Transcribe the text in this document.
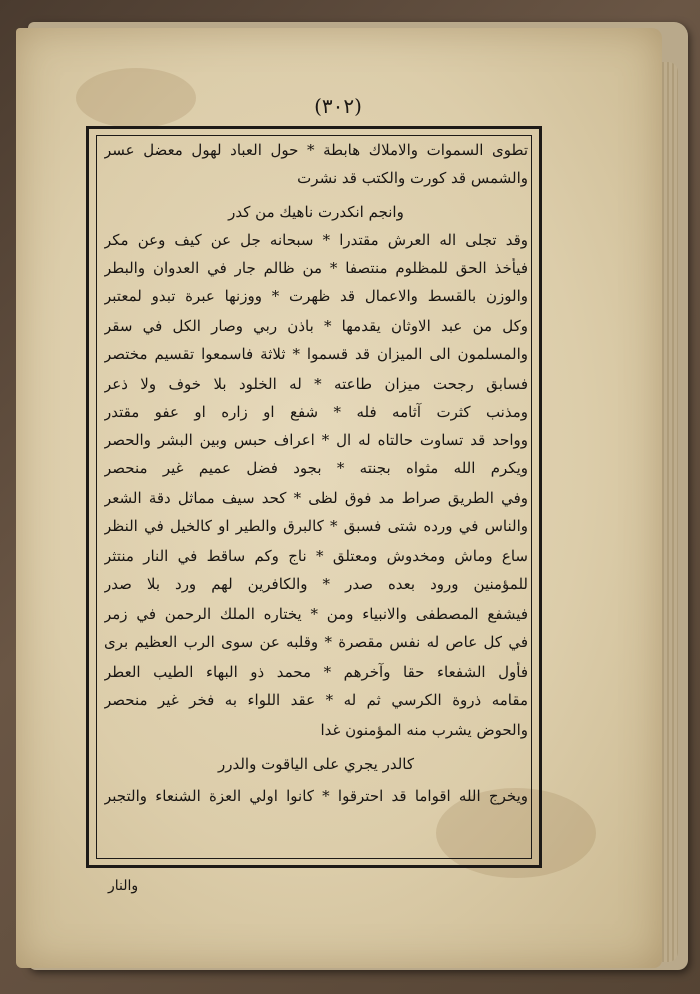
(٣٠٢)
تطوى السموات والاملاك هابطة * حول العباد لهول معضل عسر
والشمس قد كورت والكتب قد نشرت
وانجم انكدرت ناهيك من كدر
وقد تجلى اله العرش مقتدرا * سبحانه جل عن كيف وعن مكر
فيأخذ الحق للمظلوم منتصفا * من ظالم جار في العدوان والبطر
والوزن بالقسط والاعمال قد ظهرت * ووزنها عبرة تبدو لمعتبر
وكل من عبد الاوثان يقدمها * باذن ربي وصار الكل في سقر
والمسلمون الى الميزان قد قسموا * ثلاثة فاسمعوا تقسيم مختصر
فسابق رجحت ميزان طاعته * له الخلود بلا خوف ولا ذعر
ومذنب كثرت آثامه فله * شفع او زاره او عفو مقتدر
وواحد قد تساوت حالتاه له ال * اعراف حبس وبين البشر والحصر
ويكرم الله مثواه بجنته * بجود فضل عميم غير منحصر
وفي الطريق صراط مد فوق لظى * كحد سيف مماثل دقة الشعر
والناس في ورده شتى فسبق * كالبرق والطير او كالخيل في النظر
ساع وماش ومخدوش ومعتلق * ناج وكم ساقط في النار منتثر
للمؤمنين ورود بعده صدر * والكافرين لهم ورد بلا صدر
فيشفع المصطفى والانبياء ومن * يختاره الملك الرحمن في زمر
في كل عاص له نفس مقصرة * وقلبه عن سوى الرب العظيم برى
فأول الشفعاء حقا وآخرهم * محمد ذو البهاء الطيب العطر
مقامه ذروة الكرسي ثم له * عقد اللواء به فخر غير منحصر
والحوض يشرب منه المؤمنون غدا
كالدر يجري على الياقوت والدرر
ويخرج الله اقواما قد احترقوا * كانوا اولي العزة الشنعاء والتجبر
والنار
